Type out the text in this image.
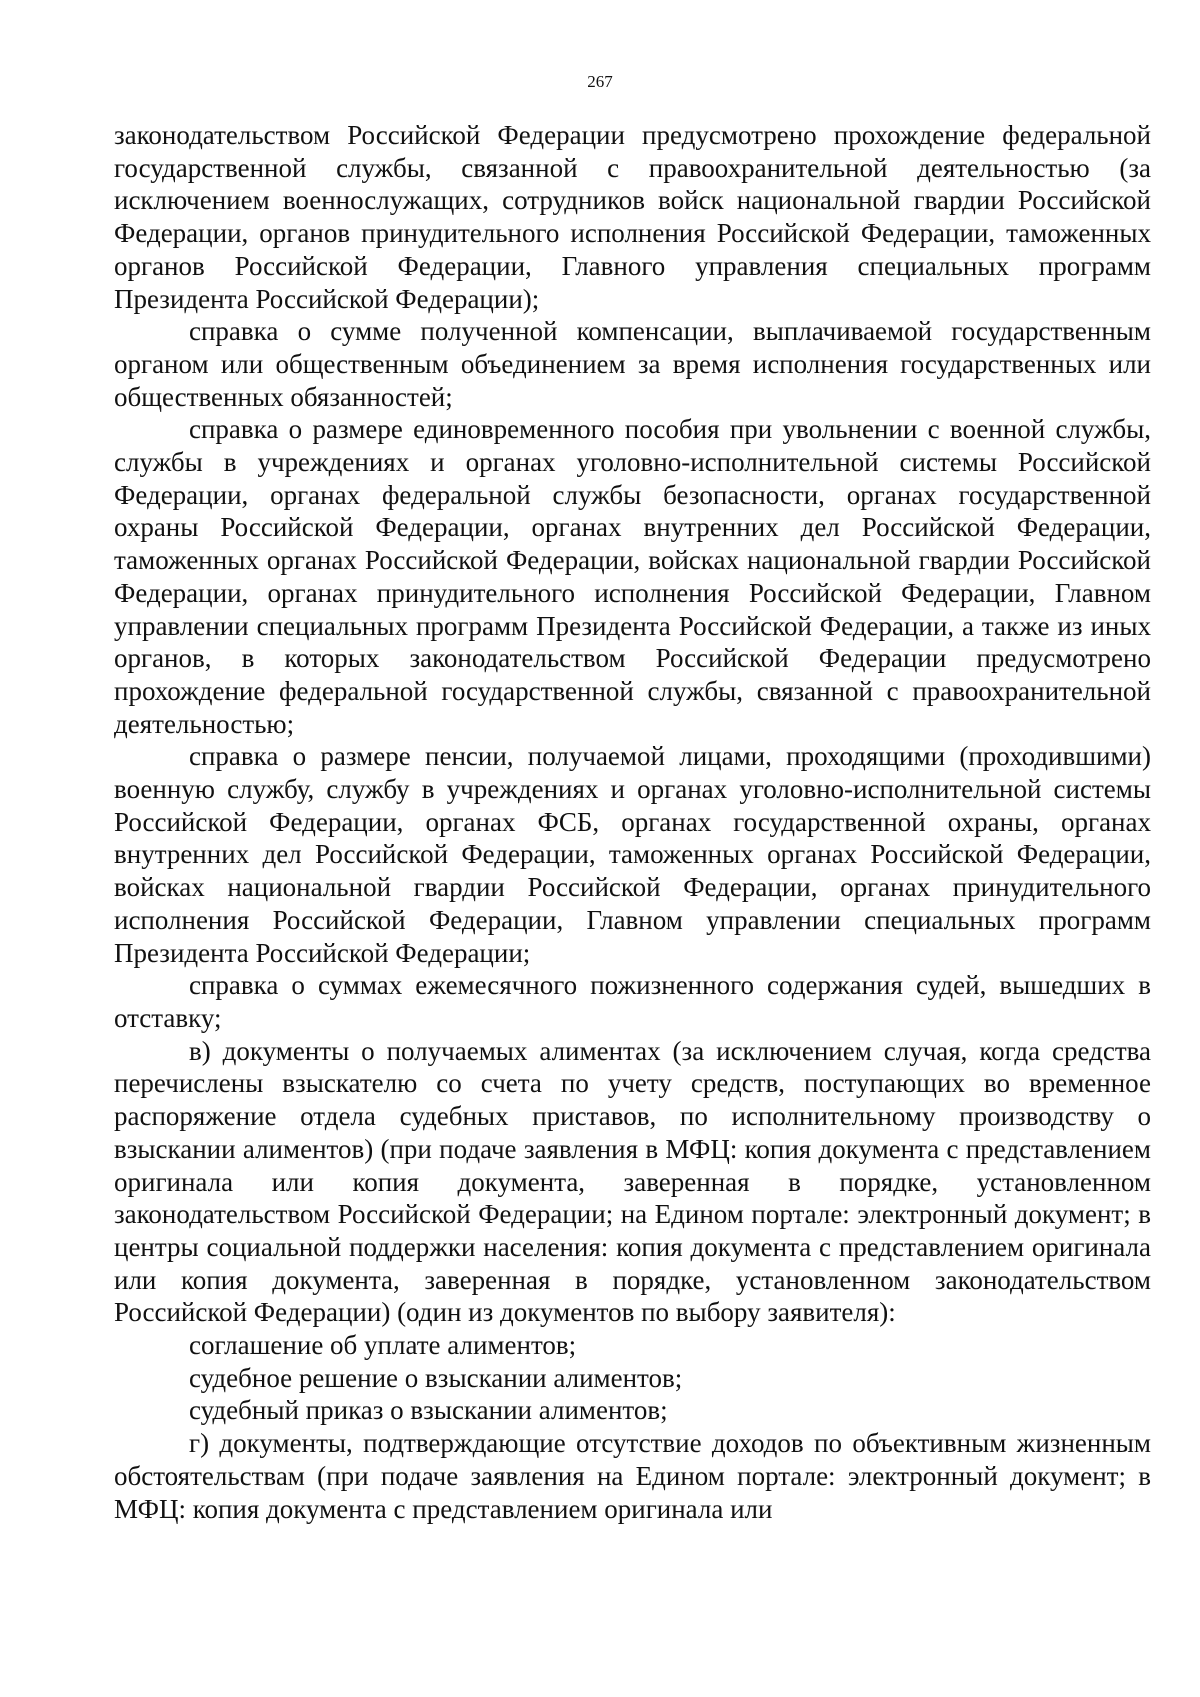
267

законодательством Российской Федерации предусмотрено прохождение федеральной государственной службы, связанной с правоохранительной деятельностью (за исключением военнослужащих, сотрудников войск национальной гвардии Российской Федерации, органов принудительного исполнения Российской Федерации, таможенных органов Российской Федерации, Главного управления специальных программ Президента Российской Федерации);

справка о сумме полученной компенсации, выплачиваемой государственным органом или общественным объединением за время исполнения государственных или общественных обязанностей;

справка о размере единовременного пособия при увольнении с военной службы, службы в учреждениях и органах уголовно-исполнительной системы Российской Федерации, органах федеральной службы безопасности, органах государственной охраны Российской Федерации, органах внутренних дел Российской Федерации, таможенных органах Российской Федерации, войсках национальной гвардии Российской Федерации, органах принудительного исполнения Российской Федерации, Главном управлении специальных программ Президента Российской Федерации, а также из иных органов, в которых законодательством Российской Федерации предусмотрено прохождение федеральной государственной службы, связанной с правоохранительной деятельностью;

справка о размере пенсии, получаемой лицами, проходящими (проходившими) военную службу, службу в учреждениях и органах уголовно-исполнительной системы Российской Федерации, органах ФСБ, органах государственной охраны, органах внутренних дел Российской Федерации, таможенных органах Российской Федерации, войсках национальной гвардии Российской Федерации, органах принудительного исполнения Российской Федерации, Главном управлении специальных программ Президента Российской Федерации;

справка о суммах ежемесячного пожизненного содержания судей, вышедших в отставку;

в) документы о получаемых алиментах (за исключением случая, когда средства перечислены взыскателю со счета по учету средств, поступающих во временное распоряжение отдела судебных приставов, по исполнительному производству о взыскании алиментов) (при подаче заявления в МФЦ: копия документа с представлением оригинала или копия документа, заверенная в порядке, установленном законодательством Российской Федерации; на Едином портале: электронный документ; в центры социальной поддержки населения: копия документа с представлением оригинала или копия документа, заверенная в порядке, установленном законодательством Российской Федерации) (один из документов по выбору заявителя):

соглашение об уплате алиментов;

судебное решение о взыскании алиментов;

судебный приказ о взыскании алиментов;

г) документы, подтверждающие отсутствие доходов по объективным жизненным обстоятельствам (при подаче заявления на Едином портале: электронный документ; в МФЦ: копия документа с представлением оригинала или
